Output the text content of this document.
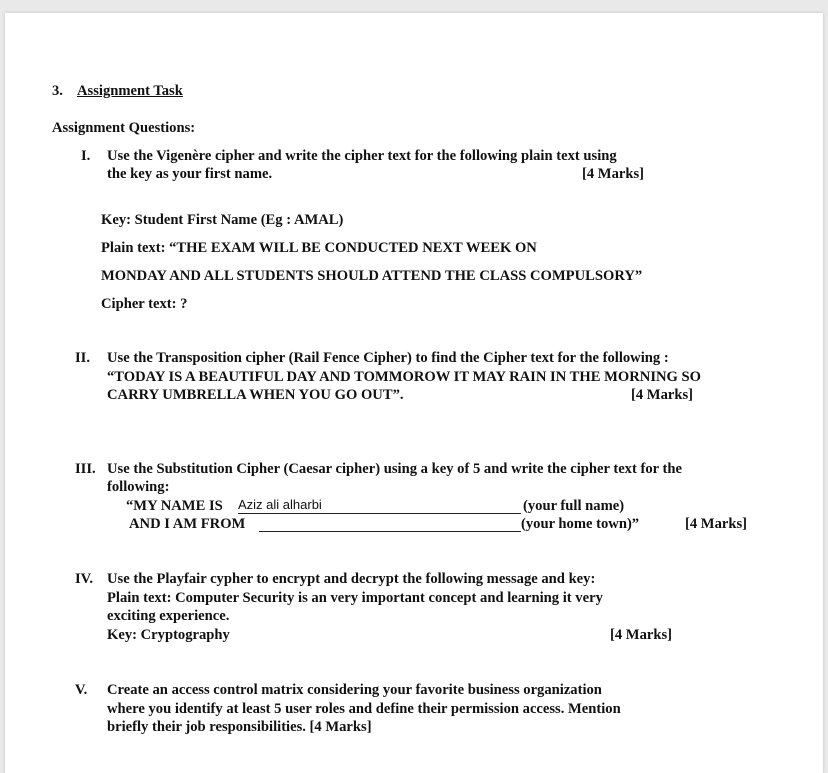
3. Assignment Task
Assignment Questions:
I. Use the Vigenère cipher and write the cipher text for the following plain text using
the key as your first name.	[4 Marks]
Key: Student First Name (Eg : AMAL)
Plain text: “THE EXAM WILL BE CONDUCTED NEXT WEEK ON
MONDAY AND ALL STUDENTS SHOULD ATTEND THE CLASS COMPULSORY”
Cipher text: ?
II. Use the Transposition cipher (Rail Fence Cipher) to find the Cipher text for the following :
“TODAY IS A BEAUTIFUL DAY AND TOMMOROW IT MAY RAIN IN THE MORNING SO
CARRY UMBRELLA WHEN YOU GO OUT”.	[4 Marks]
III. Use the Substitution Cipher (Caesar cipher) using a key of 5 and write the cipher text for the
following:
“MY NAME IS Aziz ali alharbi	(your full name)
AND I AM FROM	(your home town)”	[4 Marks]
IV. Use the Playfair cypher to encrypt and decrypt the following message and key:
Plain text: Computer Security is an very important concept and learning it very
exciting experience.
Key: Cryptography	[4 Marks]
V. Create an access control matrix considering your favorite business organization
where you identify at least 5 user roles and define their permission access. Mention
briefly their job responsibilities. [4 Marks]
